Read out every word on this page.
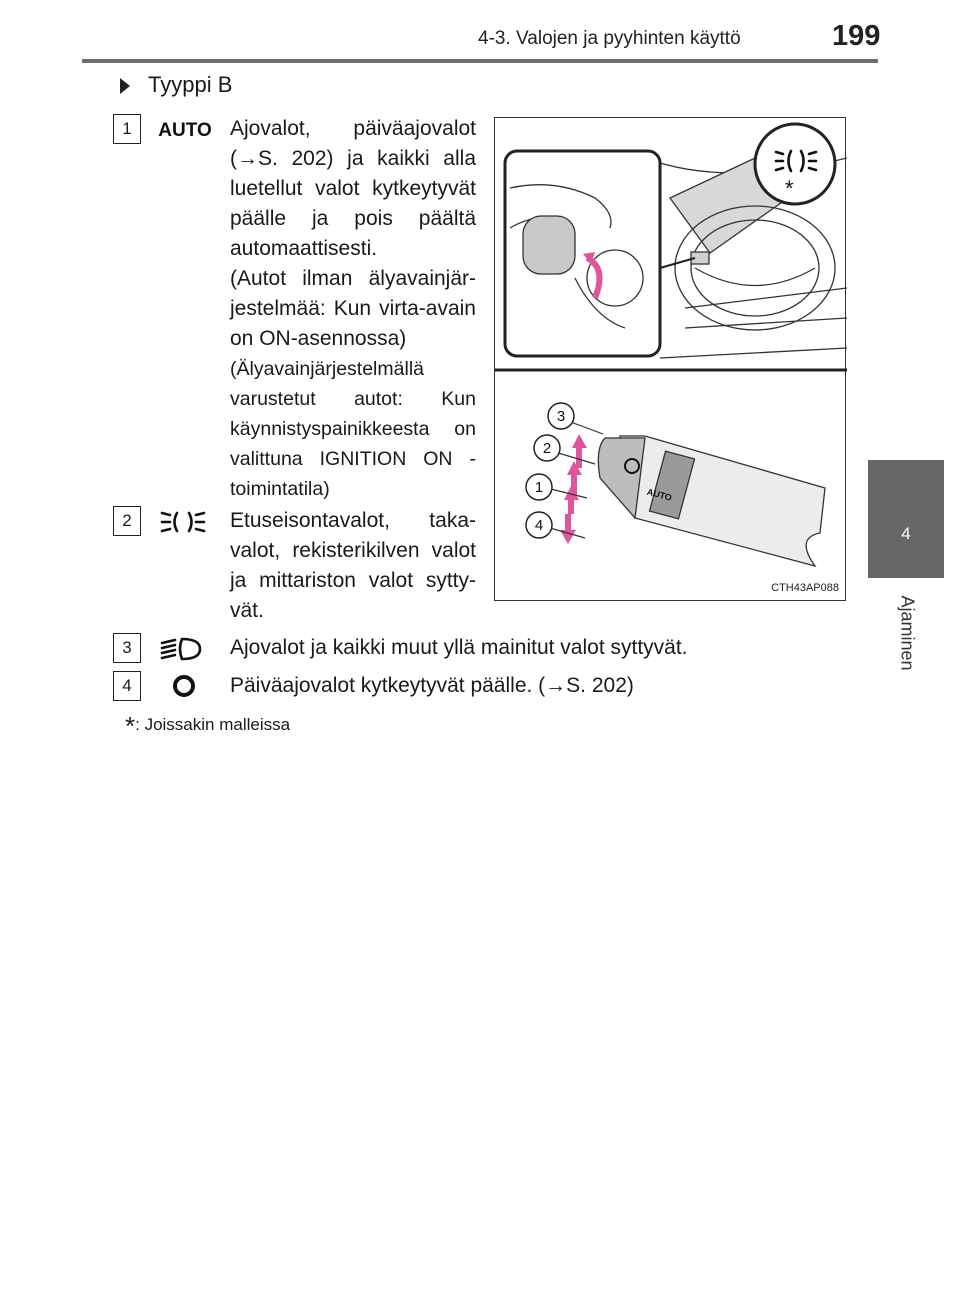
4-3. Valojen ja pyyhinten käyttö	199
4
Ajaminen
Tyyppi B
1	AUTO Ajovalot, päiväajovalot (→S. 202) ja kaikki alla luetellut valot kytkeytyvät päälle ja pois päältä automaattisesti.

(Autot ilman älyavainjär-jestelmää: Kun virta-avain on ON-asennossa)

(Älyavainjärjestelmällä varustetut autot: Kun käynnistyspainikkeesta on valittuna IGNITION ON -toimintatila)

2	Etuseisontavalot, taka-valot, rekisterikilven valot ja mittariston valot sytty-vät.

3	Ajovalot ja kaikki muut yllä mainitut valot syttyvät.
4	Päiväajovalot kytkeytyvät päälle. (→S. 202)
*: Joissakin malleissa
*
AUTO
3
2
1
4
CTH43AP088
